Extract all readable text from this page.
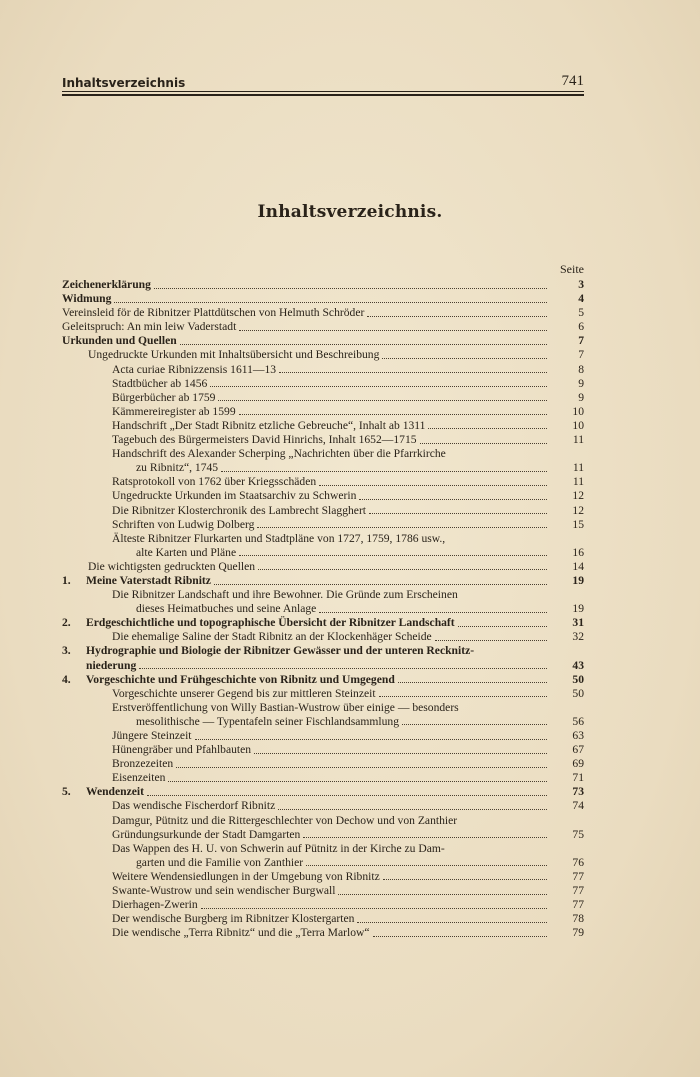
Inhaltsverzeichnis	741
Inhaltsverzeichnis.
Seite
Zeichenerklärung	3
Widmung	4
Vereinsleid för de Ribnitzer Plattdütschen von Helmuth Schröder	5
Geleitspruch: An min leiw Vaderstadt	6
Urkunden und Quellen	7
Ungedruckte Urkunden mit Inhaltsübersicht und Beschreibung	7
Acta curiae Ribnizzensis 1611—13	8
Stadtbücher ab 1456	9
Bürgerbücher ab 1759	9
Kämmereiregister ab 1599	10
Handschrift „Der Stadt Ribnitz etzliche Gebreuche“, Inhalt ab 1311	10
Tagebuch des Bürgermeisters David Hinrichs, Inhalt 1652—1715	11
Handschrift des Alexander Scherping „Nachrichten über die Pfarrkirche
zu Ribnitz“, 1745	11
Ratsprotokoll von 1762 über Kriegsschäden	11
Ungedruckte Urkunden im Staatsarchiv zu Schwerin	12
Die Ribnitzer Klosterchronik des Lambrecht Slagghert	12
Schriften von Ludwig Dolberg	15
Älteste Ribnitzer Flurkarten und Stadtpläne von 1727, 1759, 1786 usw.,
alte Karten und Pläne	16
Die wichtigsten gedruckten Quellen	14
1.	Meine Vaterstadt Ribnitz	19
Die Ribnitzer Landschaft und ihre Bewohner. Die Gründe zum Erscheinen
dieses Heimatbuches und seine Anlage	19
2.	Erdgeschichtliche und topographische Übersicht der Ribnitzer Landschaft	31
Die ehemalige Saline der Stadt Ribnitz an der Klockenhäger Scheide	32
3.	Hydrographie und Biologie der Ribnitzer Gewässer und der unteren Recknitz-
niederung	43
4.	Vorgeschichte und Frühgeschichte von Ribnitz und Umgegend	50
Vorgeschichte unserer Gegend bis zur mittleren Steinzeit	50
Erstveröffentlichung von Willy Bastian-Wustrow über einige — besonders
mesolithische — Typentafeln seiner Fischlandsammlung	56
Jüngere Steinzeit	63
Hünengräber und Pfahlbauten	67
Bronzezeiten	69
Eisenzeiten	71
5.	Wendenzeit	73
Das wendische Fischerdorf Ribnitz	74
Damgur, Pütnitz und die Rittergeschlechter von Dechow und von Zanthier
Gründungsurkunde der Stadt Damgarten	75
Das Wappen des H. U. von Schwerin auf Pütnitz in der Kirche zu Dam-
garten und die Familie von Zanthier	76
Weitere Wendensiedlungen in der Umgebung von Ribnitz	77
Swante-Wustrow und sein wendischer Burgwall	77
Dierhagen-Zwerin	77
Der wendische Burgberg im Ribnitzer Klostergarten	78
Die wendische „Terra Ribnitz“ und die „Terra Marlow“	79
